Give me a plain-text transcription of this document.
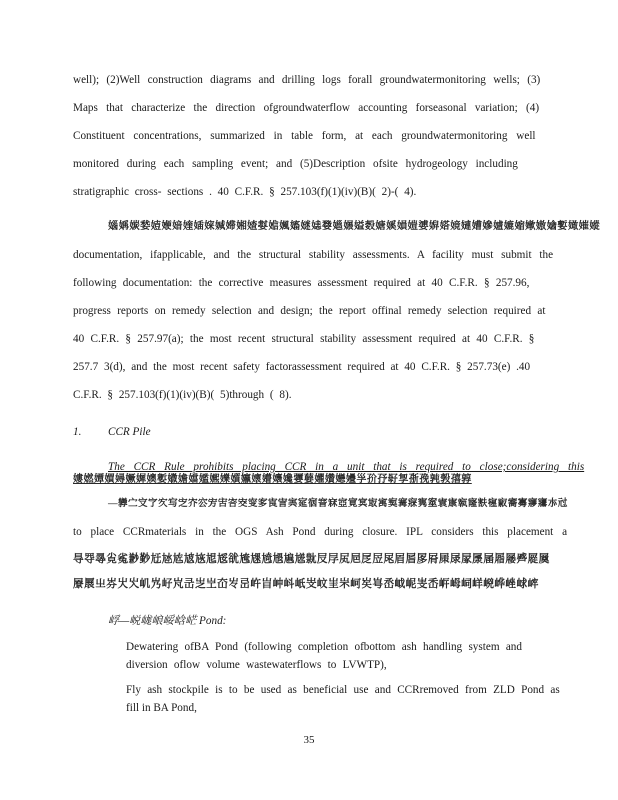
well); (2)Well construction diagrams and drilling logs forall groundwatermonitoring wells; (3)
Maps that characterize the direction ofgroundwaterflow accounting forseasonal variation; (4)
Constituent concentrations, summarized in table form, at each groundwatermonitoring well
monitored during each sampling event; and (5)Description ofsite hydrogeology including
stratigraphic cross- sections . 40 C.F.R. § 257.103(f)(1)(iv)(B)( 2)-( 4).
㛴㛵㛶㛷㛸㛹㛺㛻㛼㛽㛾㛿㜀㜁㜂㜃㜄㜅㜆㜇㜈㜉㜊㜋㜌㜍㜎㜏㜐㜑㜒㜓㜔㜕㜖㜗㜘㜙㜚㜛㜜㜝㜞㜟㜠㜡
documentation, ifapplicable, and the structural stability assessments. A facility must submit the
following documentation: the corrective measures assessment required at 40 C.F.R. § 257.96,
progress reports on remedy selection and design; the report offinal remedy selection required at
40 C.F.R. § 257.97(a); the most recent structural stability assessment required at 40 C.F.R. §
257.7 3(d), and the most recent safety factorassessment required at 40 C.F.R. § 257.73(e) .40
C.F.R. § 257.103(f)(1)(iv)(B)( 5)through ( 8).
1. CCR Pile
The CCR Rule prohibits placing CCR in a unit that is required to close;considering this
㜢㜣㜤㜥㜦㜧㜨㜩㜪㜫㜬㜭㜮㜯㜰㜱㜲㜳㜴㜵㜶㜷㜸㜹㜺㜻㜼㜽㜾㜿㝀㝁㝂㝃㝄㝅㝆㝇
—㝈㝉㝊㝋㝌㝍㝎㝏㝐㝑㝒㝓㝔㝕㝖㝗㝘㝙㝚㝛㝜㝝㝞㝟㝠㝡㝢㝣㝤㝥㝦㝧㝨㝩㝪㝫㝬㝭㝮㝯㝰㝱㝲㝳㝴
to place CCRmaterials in the OGS Ash Pond during closure. IPL considers this placement a
㝵㝶㝷㝸㝹㝺㝻㝼㝽㝾㝿㞀㞁㞂㞃㞄㞅㞆㞇㞈㞉㞊㞋㞌㞍㞎㞏㞐㞑㞒㞓㞔㞕㞖㞗㞘㞙㞚㞛㞜㞝㞞㞟
㞠㞡㞢㞣㞤㞥㞦㞧㞨㞩㞪㞫㞬㞭㞮㞯㞰㞱㞲㞳㞴㞵㞶㞷㞸㞹㞺㞻㞼㞽㞾㞿㟀㟁㟂㟃㟄㟅㟆㟇㟈㟉
㟊—㟋㟌㟍㟎㟏㟐 Pond:
Dewatering ofBA Pond (following completion ofbottom ash handling system and
diversion oflow volume wastewaterflows to LVWTP),
Fly ash stockpile is to be used as beneficial use and CCRremoved from ZLD Pond as
fill in BA Pond,
35
